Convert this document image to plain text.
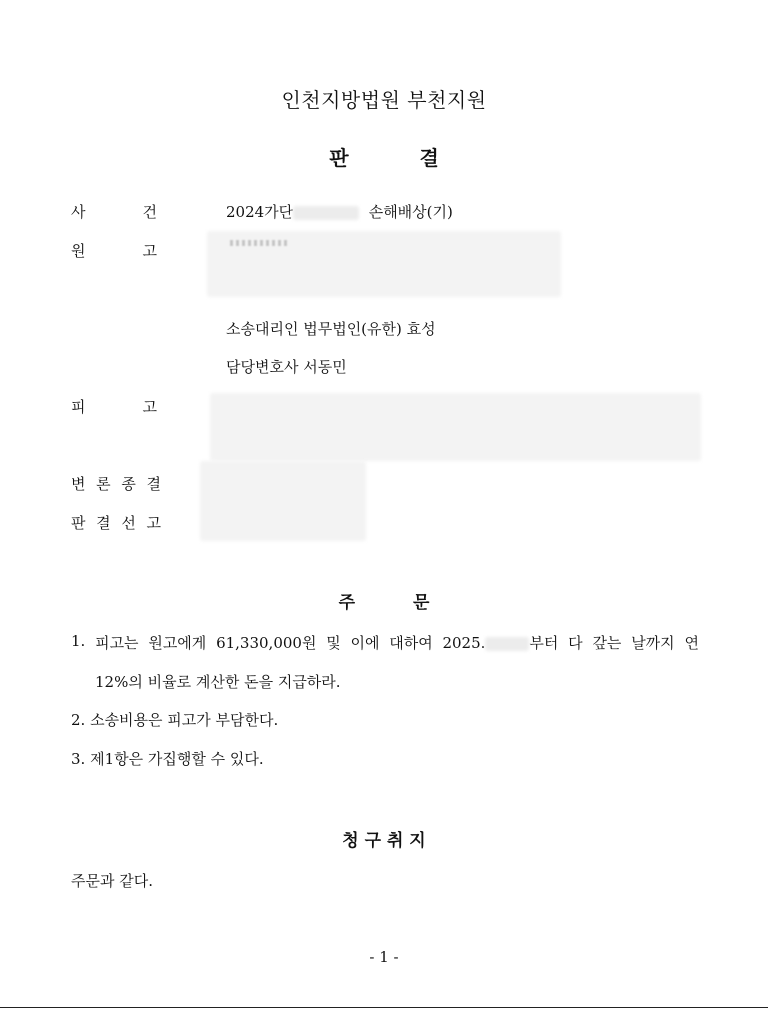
인천지방법원 부천지원
판 결
사	건	2024가단	손해배상(기)
원	고
소송대리인 법무법인(유한) 효성
담당변호사 서동민
피	고
변 론 종 결
판 결 선 고
주 문
1. 피고는 원고에게 61,330,000원 및 이에 대하여 2025.	부터 다 갚는 날까지 연
12%의 비율로 계산한 돈을 지급하라.
2. 소송비용은 피고가 부담한다.
3. 제1항은 가집행할 수 있다.
청 구 취 지
주문과 같다.
- 1 -
